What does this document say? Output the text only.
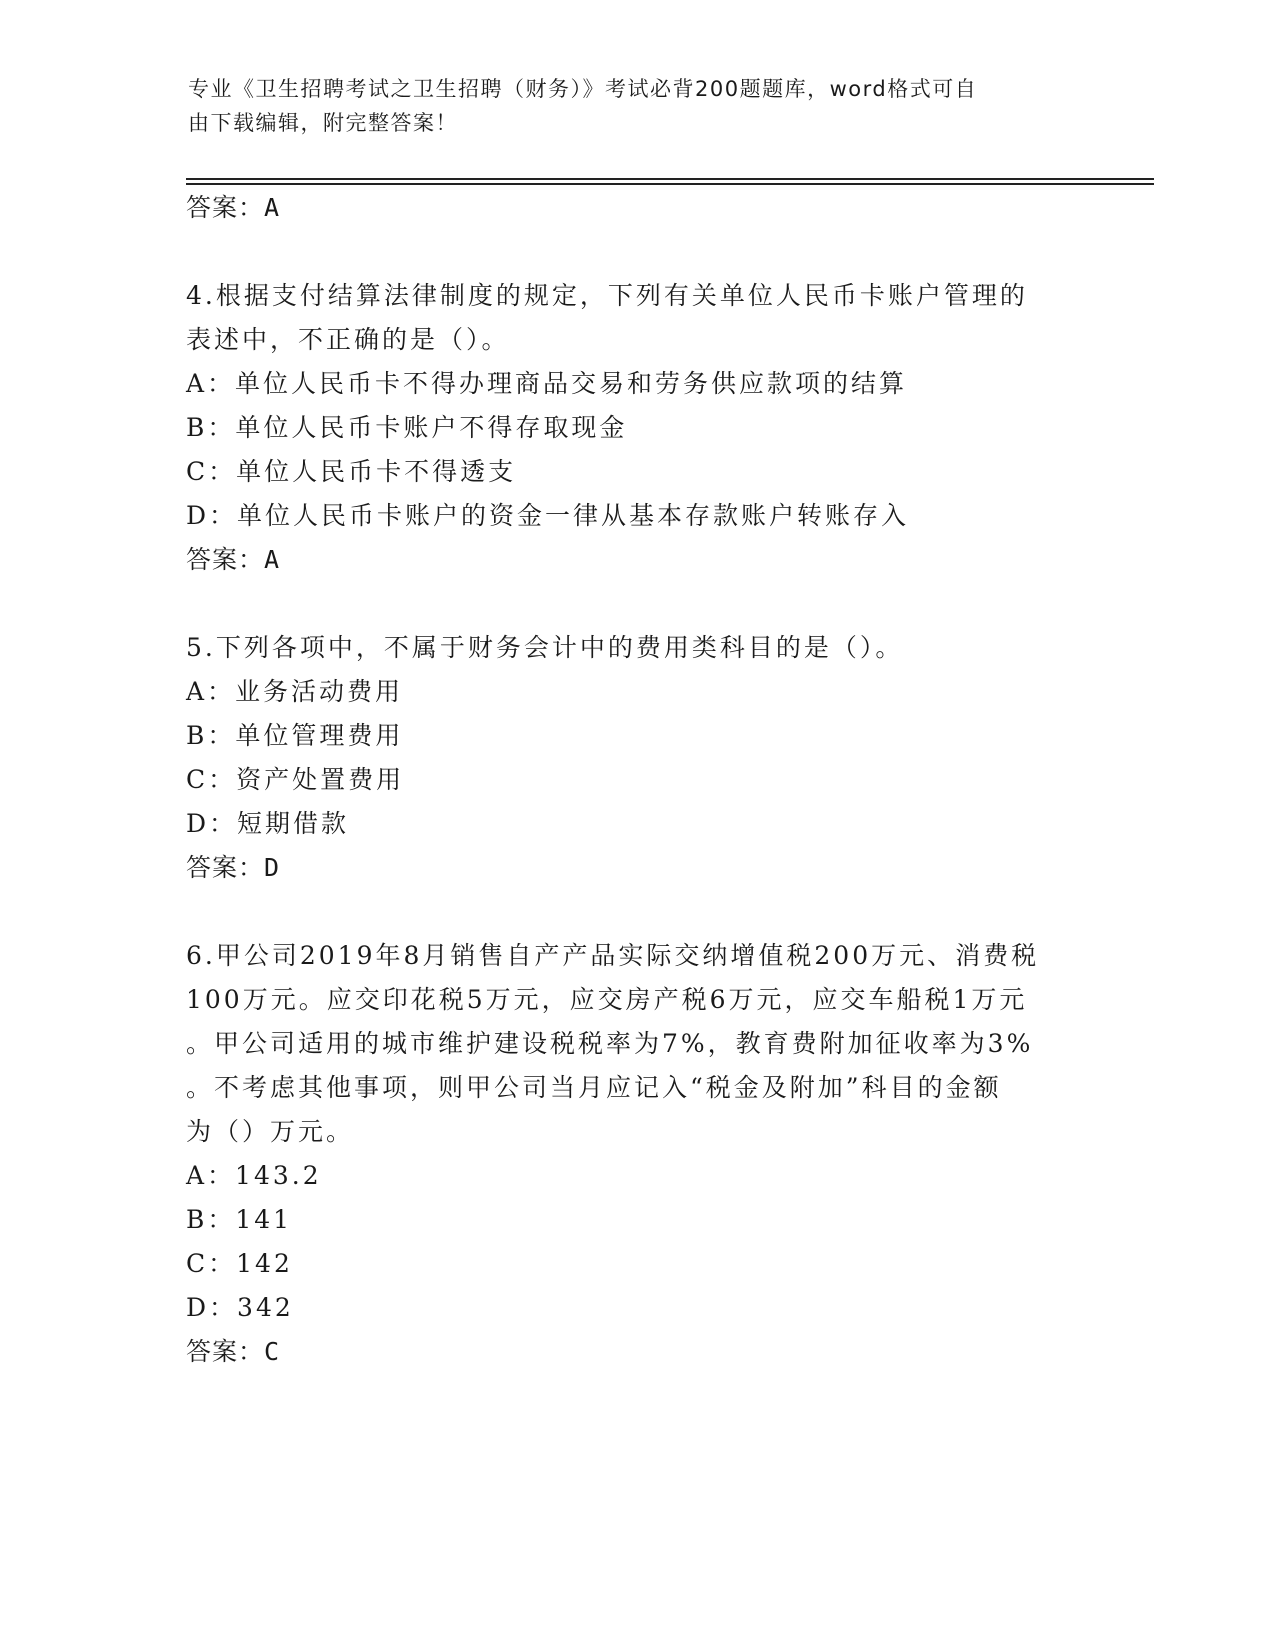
专业《卫生招聘考试之卫生招聘（财务）》考试必背200题题库，word格式可自
由下载编辑，附完整答案！
答案：A
4.根据支付结算法律制度的规定，下列有关单位人民币卡账户管理的
表述中，不正确的是（）。
A：单位人民币卡不得办理商品交易和劳务供应款项的结算
B：单位人民币卡账户不得存取现金
C：单位人民币卡不得透支
D：单位人民币卡账户的资金一律从基本存款账户转账存入
答案：A
5.下列各项中，不属于财务会计中的费用类科目的是（）。
A：业务活动费用
B：单位管理费用
C：资产处置费用
D：短期借款
答案：D
6.甲公司2019年8月销售自产产品实际交纳增值税200万元、消费税
100万元。应交印花税5万元，应交房产税6万元，应交车船税1万元
。甲公司适用的城市维护建设税税率为7%，教育费附加征收率为3%
。不考虑其他事项，则甲公司当月应记入“税金及附加”科目的金额
为（）万元。
A：143.2
B：141
C：142
D：342
答案：C
